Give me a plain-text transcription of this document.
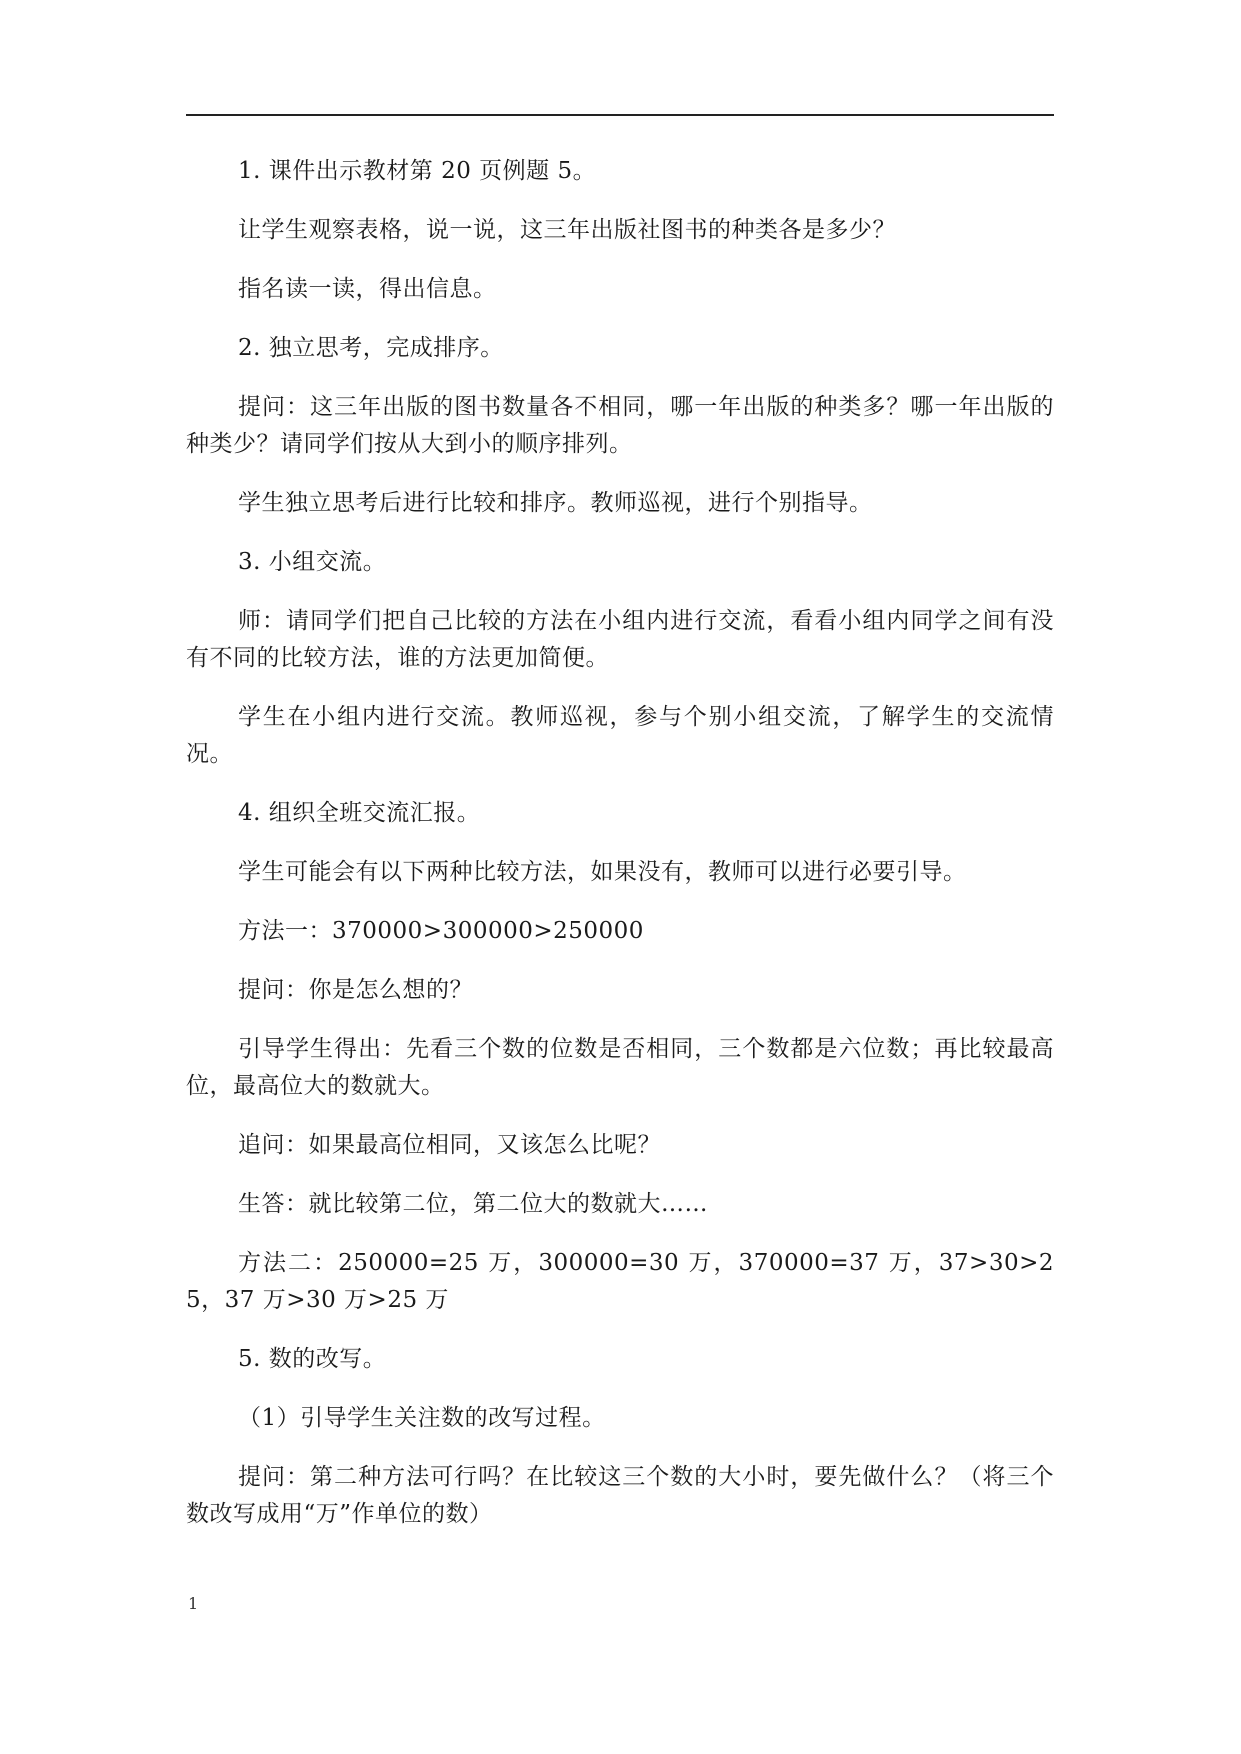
1. 课件出示教材第 20 页例题 5。

让学生观察表格，说一说，这三年出版社图书的种类各是多少？

指名读一读，得出信息。

2. 独立思考，完成排序。

提问：这三年出版的图书数量各不相同，哪一年出版的种类多？哪一年出版的种类少？请同学们按从大到小的顺序排列。

学生独立思考后进行比较和排序。教师巡视，进行个别指导。

3. 小组交流。

师：请同学们把自己比较的方法在小组内进行交流，看看小组内同学之间有没有不同的比较方法，谁的方法更加简便。

学生在小组内进行交流。教师巡视，参与个别小组交流，了解学生的交流情况。

4. 组织全班交流汇报。

学生可能会有以下两种比较方法，如果没有，教师可以进行必要引导。

方法一：370000>300000>250000

提问：你是怎么想的？

引导学生得出：先看三个数的位数是否相同，三个数都是六位数；再比较最高位，最高位大的数就大。

追问：如果最高位相同，又该怎么比呢？

生答：就比较第二位，第二位大的数就大……

方法二：250000=25 万，300000=30 万，370000=37 万，37>30>25，37 万>30 万>25 万

5. 数的改写。

（1）引导学生关注数的改写过程。

提问：第二种方法可行吗？在比较这三个数的大小时，要先做什么？（将三个数改写成用“万”作单位的数）

1
